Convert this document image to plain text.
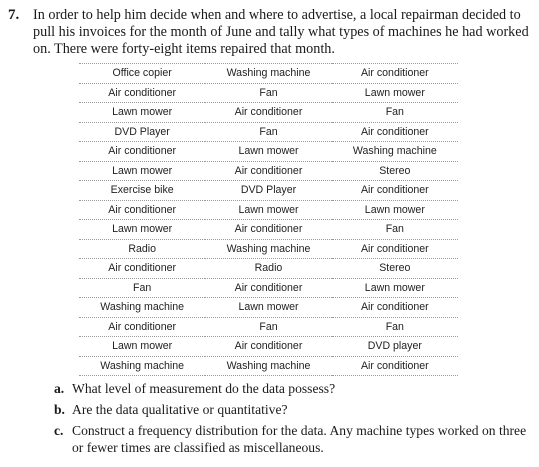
7. In order to help him decide when and where to advertise, a local repairman decided to pull his invoices for the month of June and tally what types of machines he had worked on. There were forty-eight items repaired that month.
Office copier	Washing machine	Air conditioner
Air conditioner	Fan	Lawn mower
Lawn mower	Air conditioner	Fan
DVD Player	Fan	Air conditioner
Air conditioner	Lawn mower	Washing machine
Lawn mower	Air conditioner	Stereo
Exercise bike	DVD Player	Air conditioner
Air conditioner	Lawn mower	Lawn mower
Lawn mower	Air conditioner	Fan
Radio	Washing machine	Air conditioner
Air conditioner	Radio	Stereo
Fan	Air conditioner	Lawn mower
Washing machine	Lawn mower	Air conditioner
Air conditioner	Fan	Fan
Lawn mower	Air conditioner	DVD player
Washing machine	Washing machine	Air conditioner
a. What level of measurement do the data possess?
b. Are the data qualitative or quantitative?
c. Construct a frequency distribution for the data. Any machine types worked on three or fewer times are classified as miscellaneous.
